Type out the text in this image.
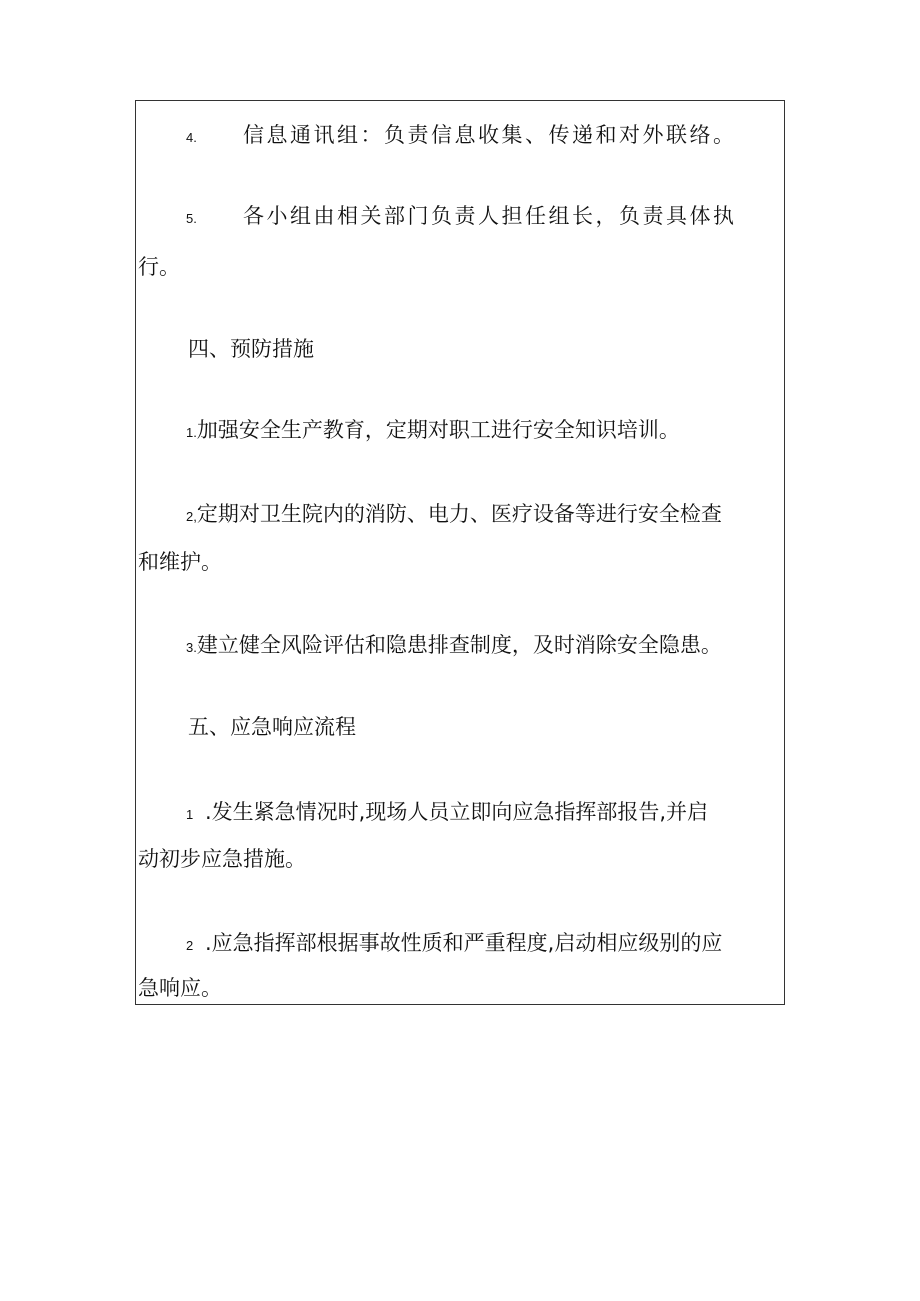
4. 信息通讯组：负责信息收集、传递和对外联络。
5. 各小组由相关部门负责人担任组长，负责具体执
行。
四、预防措施
1.加强安全生产教育，定期对职工进行安全知识培训。
2,定期对卫生院内的消防、电力、医疗设备等进行安全检查
和维护。
3.建立健全风险评估和隐患排查制度，及时消除安全隐患。
五、应急响应流程
1 .发生紧急情况时,现场人员立即向应急指挥部报告,并启
动初步应急措施。
2 .应急指挥部根据事故性质和严重程度,启动相应级别的应
急响应。
